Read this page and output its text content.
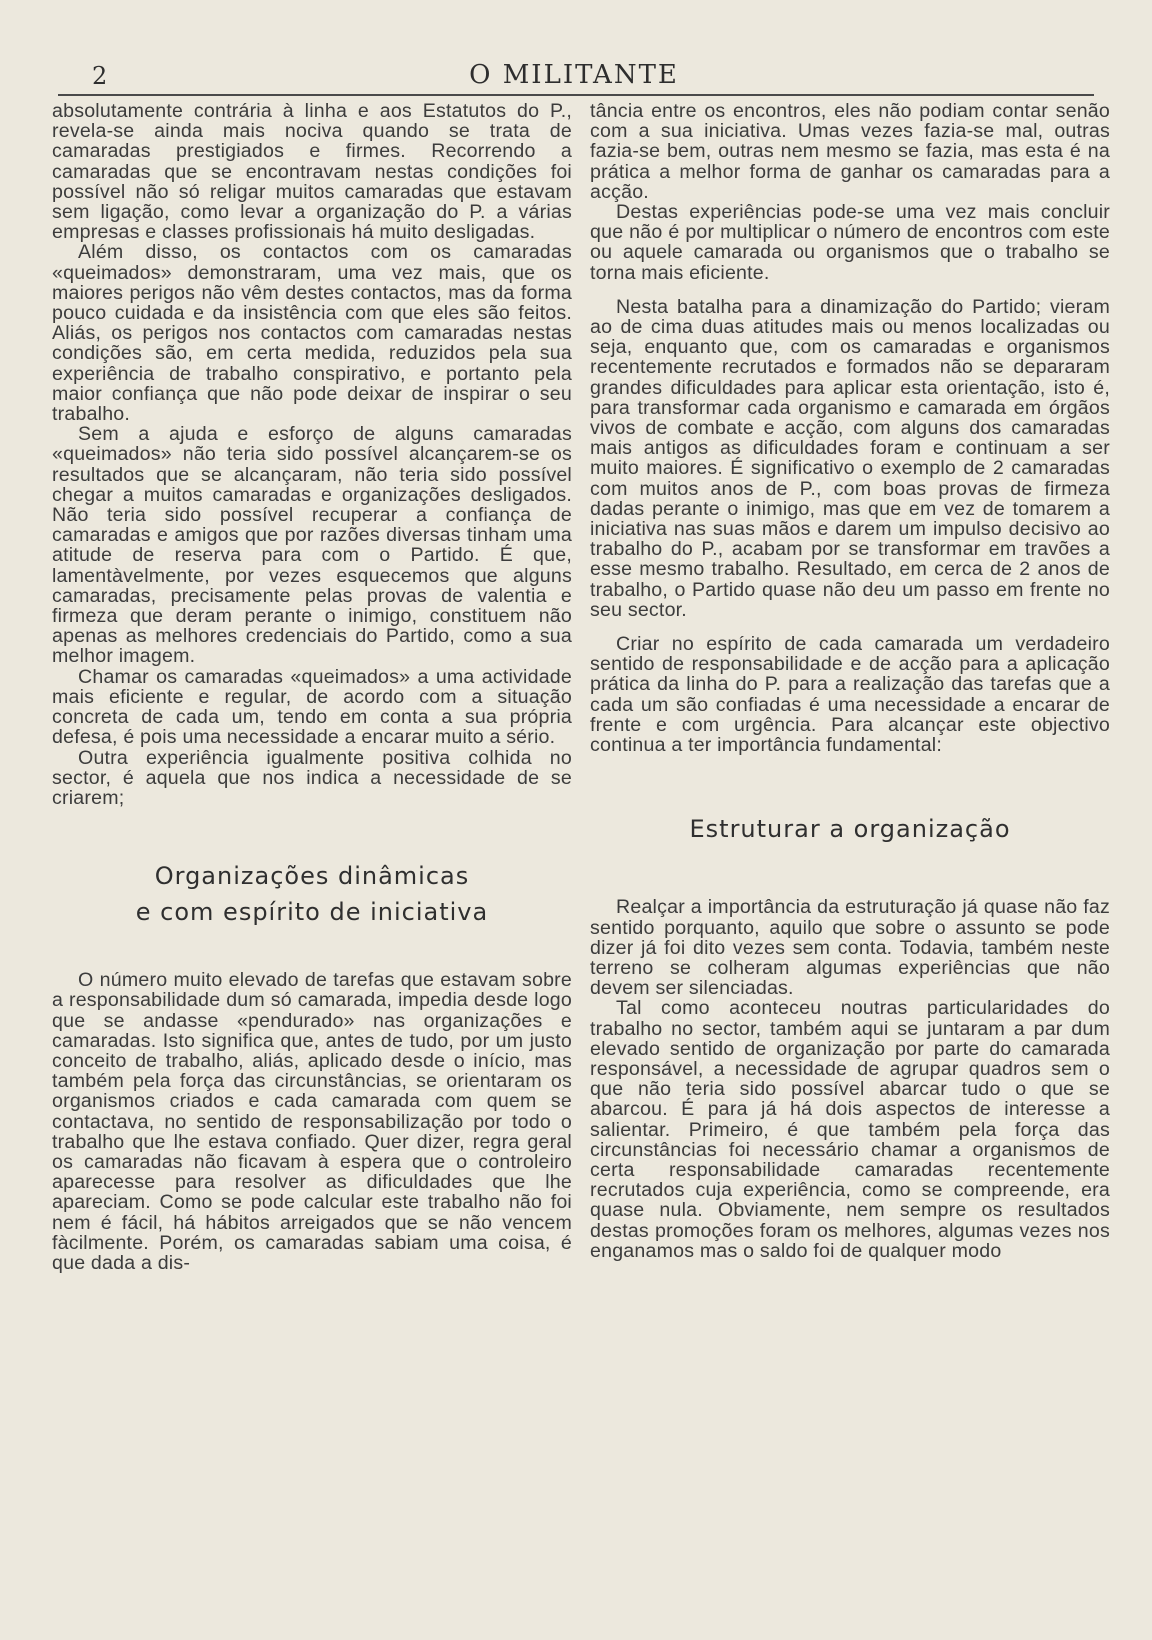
2	O MILITANTE

absolutamente contrária à linha e aos Estatutos do P., revela-se ainda mais nociva quando se trata de camaradas prestigiados e firmes. Recorrendo a camaradas que se encontravam nestas condições foi possível não só religar muitos camaradas que estavam sem ligação, como levar a organização do P. a várias empresas e classes profissionais há muito desligadas.

Além disso, os contactos com os camaradas «queimados» demonstraram, uma vez mais, que os maiores perigos não vêm destes contactos, mas da forma pouco cuidada e da insistência com que eles são feitos. Aliás, os perigos nos contactos com camaradas nestas condições são, em certa medida, reduzidos pela sua experiência de trabalho conspirativo, e portanto pela maior confiança que não pode deixar de inspirar o seu trabalho.

Sem a ajuda e esforço de alguns camaradas «queimados» não teria sido possível alcançarem-se os resultados que se alcançaram, não teria sido possível chegar a muitos camaradas e organizações desligados. Não teria sido possível recuperar a confiança de camaradas e amigos que por razões diversas tinham uma atitude de reserva para com o Partido. É que, lamentàvelmente, por vezes esquecemos que alguns camaradas, precisamente pelas provas de valentia e firmeza que deram perante o inimigo, constituem não apenas as melhores credenciais do Partido, como a sua melhor imagem.

Chamar os camaradas «queimados» a uma actividade mais eficiente e regular, de acordo com a situação concreta de cada um, tendo em conta a sua própria defesa, é pois uma necessidade a encarar muito a sério.

Outra experiência igualmente positiva colhida no sector, é aquela que nos indica a necessidade de se criarem;

Organizações dinâmicas
e com espírito de iniciativa

O número muito elevado de tarefas que estavam sobre a responsabilidade dum só camarada, impedia desde logo que se andasse «pendurado» nas organizações e camaradas. Isto significa que, antes de tudo, por um justo conceito de trabalho, aliás, aplicado desde o início, mas também pela força das circunstâncias, se orientaram os organismos criados e cada camarada com quem se contactava, no sentido de responsabilização por todo o trabalho que lhe estava confiado. Quer dizer, regra geral os camaradas não ficavam à espera que o controleiro aparecesse para resolver as dificuldades que lhe apareciam. Como se pode calcular este trabalho não foi nem é fácil, há hábitos arreigados que se não vencem fàcilmente. Porém, os camaradas sabiam uma coisa, é que dada a dis-

tância entre os encontros, eles não podiam contar senão com a sua iniciativa. Umas vezes fazia-se mal, outras fazia-se bem, outras nem mesmo se fazia, mas esta é na prática a melhor forma de ganhar os camaradas para a acção.

Destas experiências pode-se uma vez mais concluir que não é por multiplicar o número de encontros com este ou aquele camarada ou organismos que o trabalho se torna mais eficiente.

Nesta batalha para a dinamização do Partido; vieram ao de cima duas atitudes mais ou menos localizadas ou seja, enquanto que, com os camaradas e organismos recentemente recrutados e formados não se depararam grandes dificuldades para aplicar esta orientação, isto é, para transformar cada organismo e camarada em órgãos vivos de combate e acção, com alguns dos camaradas mais antigos as dificuldades foram e continuam a ser muito maiores. É significativo o exemplo de 2 camaradas com muitos anos de P., com boas provas de firmeza dadas perante o inimigo, mas que em vez de tomarem a iniciativa nas suas mãos e darem um impulso decisivo ao trabalho do P., acabam por se transformar em travões a esse mesmo trabalho. Resultado, em cerca de 2 anos de trabalho, o Partido quase não deu um passo em frente no seu sector.

Criar no espírito de cada camarada um verdadeiro sentido de responsabilidade e de acção para a aplicação prática da linha do P. para a realização das tarefas que a cada um são confiadas é uma necessidade a encarar de frente e com urgência. Para alcançar este objectivo continua a ter importância fundamental:

Estruturar a organização

Realçar a importância da estruturação já quase não faz sentido porquanto, aquilo que sobre o assunto se pode dizer já foi dito vezes sem conta. Todavia, também neste terreno se colheram algumas experiências que não devem ser silenciadas.

Tal como aconteceu noutras particularidades do trabalho no sector, também aqui se juntaram a par dum elevado sentido de organização por parte do camarada responsável, a necessidade de agrupar quadros sem o que não teria sido possível abarcar tudo o que se abarcou. É para já há dois aspectos de interesse a salientar. Primeiro, é que também pela força das circunstâncias foi necessário chamar a organismos de certa responsabilidade camaradas recentemente recrutados cuja experiência, como se compreende, era quase nula. Obviamente, nem sempre os resultados destas promoções foram os melhores, algumas vezes nos enganamos mas o saldo foi de qualquer modo
